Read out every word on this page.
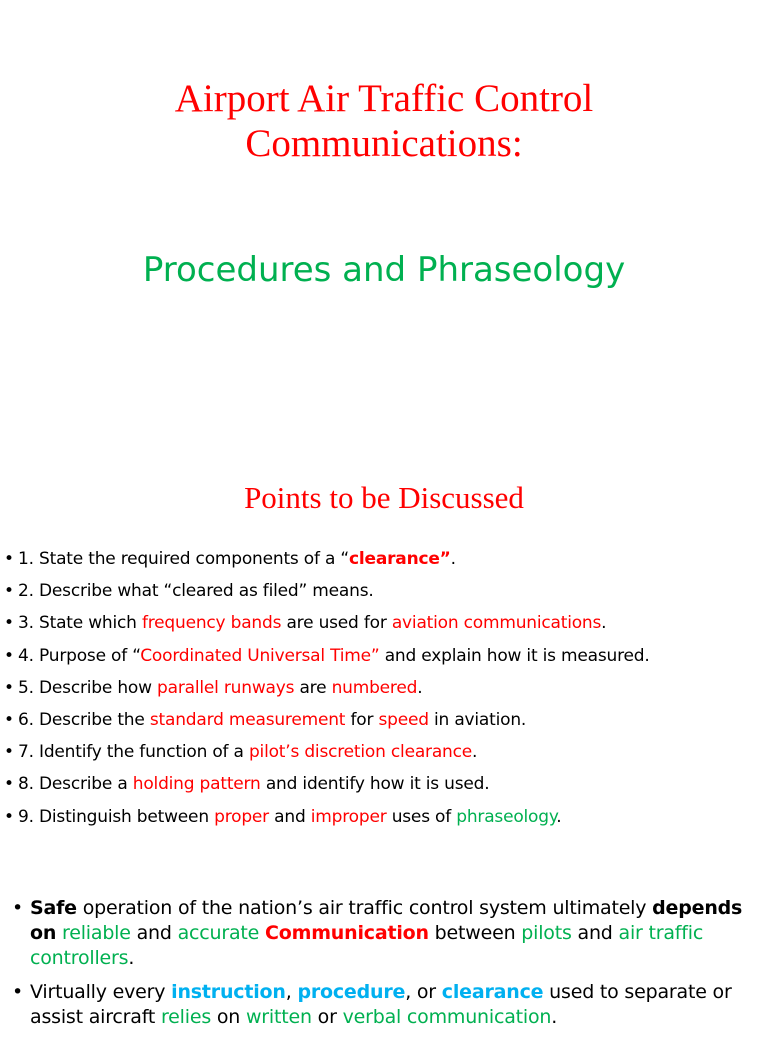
Airport Air Traffic Control
Communications:
Procedures and Phraseology
Points to be Discussed
• 1. State the required components of a “clearance”.
• 2. Describe what “cleared as filed” means.
• 3. State which frequency bands are used for aviation communications.
• 4. Purpose of “Coordinated Universal Time” and explain how it is measured.
• 5. Describe how parallel runways are numbered.
• 6. Describe the standard measurement for speed in aviation.
• 7. Identify the function of a pilot’s discretion clearance.
• 8. Describe a holding pattern and identify how it is used.
• 9. Distinguish between proper and improper uses of phraseology.
• Safe operation of the nation’s air traffic control system ultimately depends on reliable and accurate Communication between pilots and air traffic controllers.
• Virtually every instruction, procedure, or clearance used to separate or assist aircraft relies on written or verbal communication.
